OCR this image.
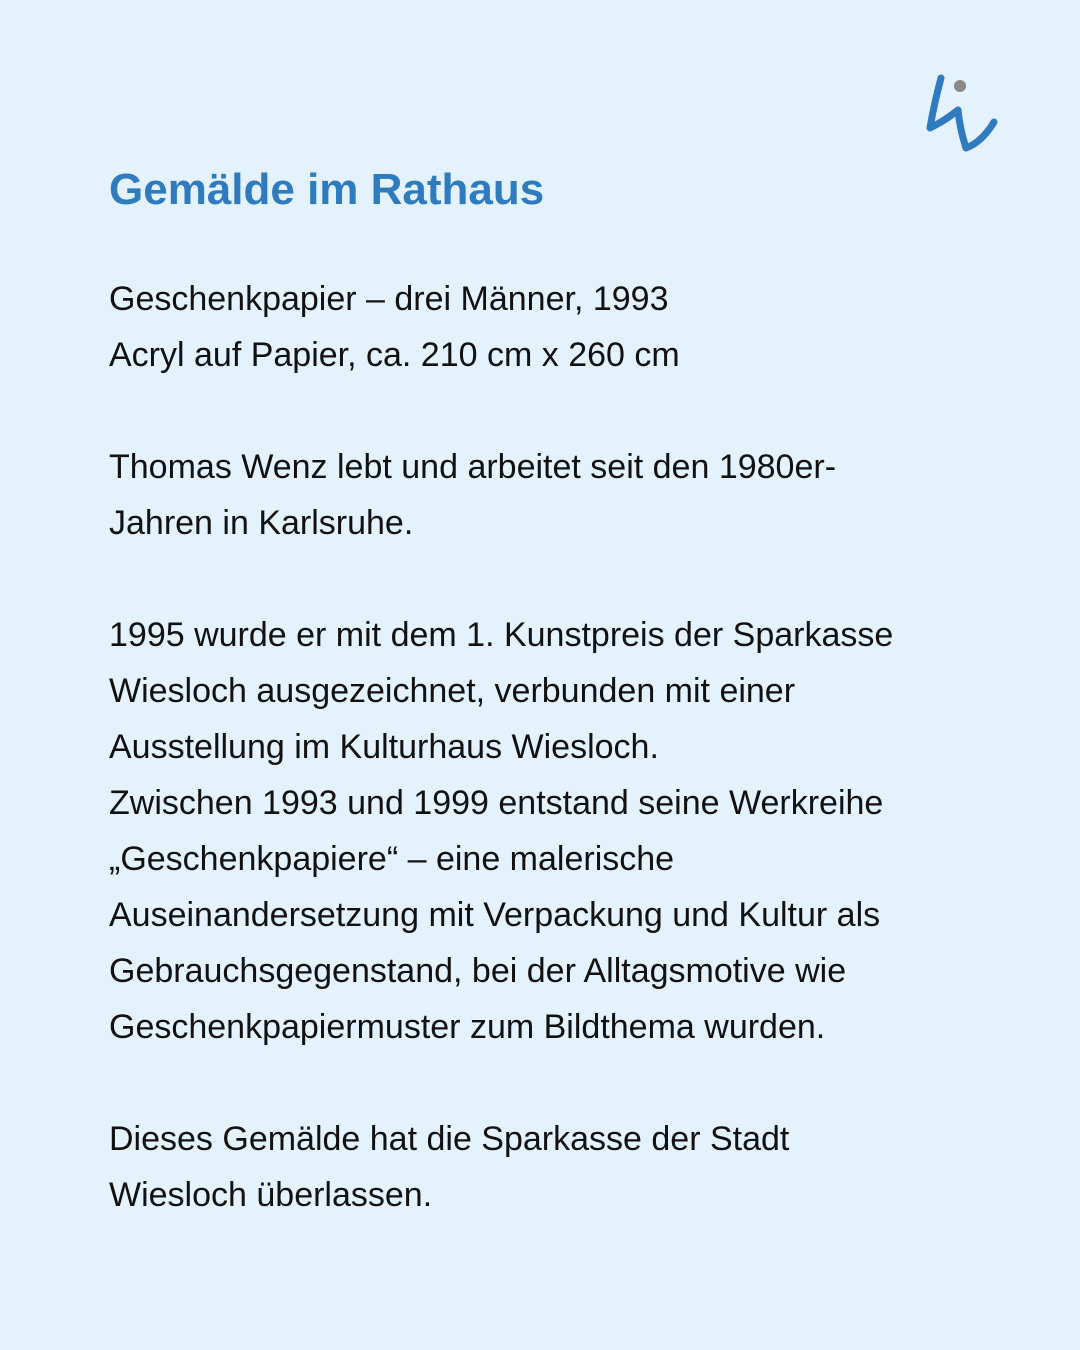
Gemälde im Rathaus
Geschenkpapier – drei Männer, 1993
Acryl auf Papier, ca. 210 cm x 260 cm
Thomas Wenz lebt und arbeitet seit den 1980er-
Jahren in Karlsruhe.
1995 wurde er mit dem 1. Kunstpreis der Sparkasse
Wiesloch ausgezeichnet, verbunden mit einer
Ausstellung im Kulturhaus Wiesloch.
Zwischen 1993 und 1999 entstand seine Werkreihe
„Geschenkpapiere“ – eine malerische
Auseinandersetzung mit Verpackung und Kultur als
Gebrauchsgegenstand, bei der Alltagsmotive wie
Geschenkpapiermuster zum Bildthema wurden.
Dieses Gemälde hat die Sparkasse der Stadt
Wiesloch überlassen.
